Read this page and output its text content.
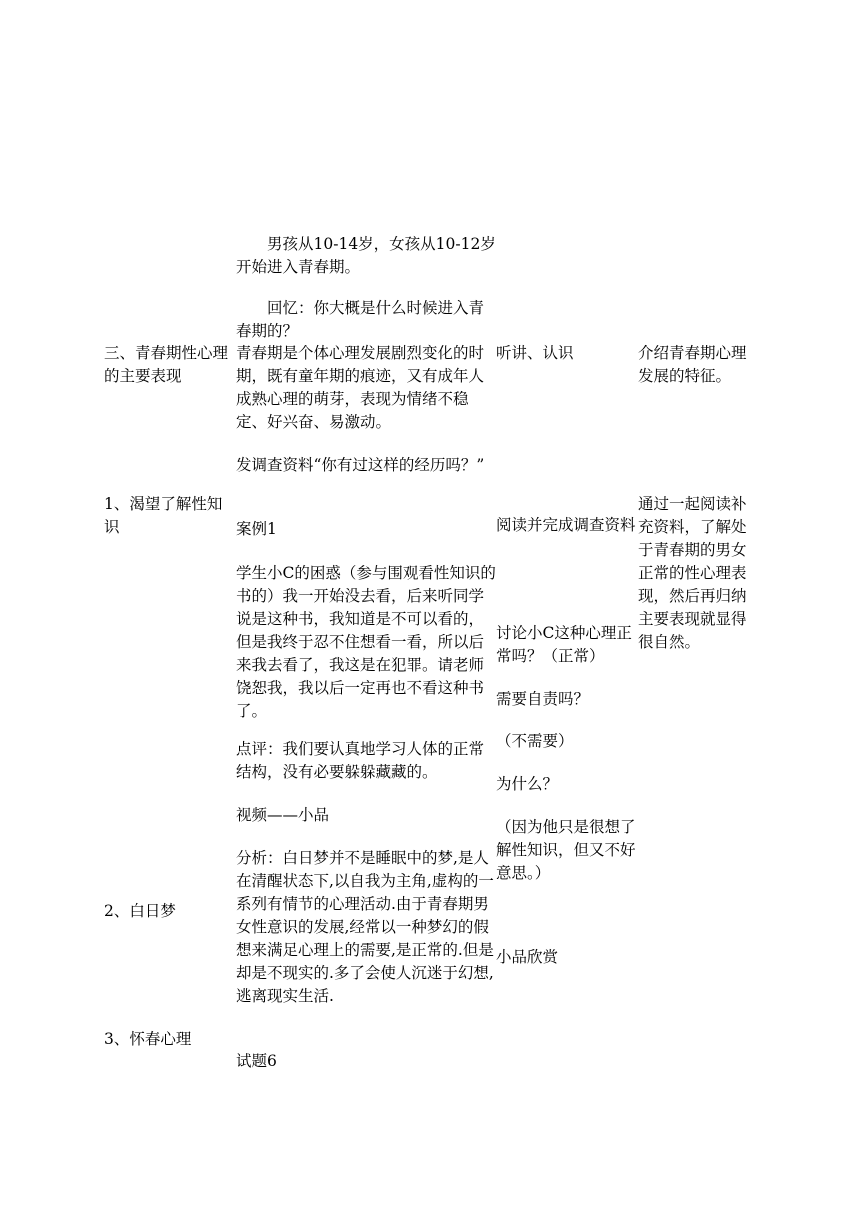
三、青春期性心理的主要表现

1、渴望了解性知识

2、白日梦

3、怀春心理

男孩从10-14岁，女孩从10-12岁开始进入青春期。

回忆：你大概是什么时候进入青春期的？

青春期是个体心理发展剧烈变化的时期，既有童年期的痕迹，又有成年人成熟心理的萌芽，表现为情绪不稳定、好兴奋、易激动。

发调查资料“你有过这样的经历吗？”

案例1

学生小C的困惑（参与围观看性知识的书的）我一开始没去看，后来听同学说是这种书，我知道是不可以看的，但是我终于忍不住想看一看，所以后来我去看了，我这是在犯罪。请老师饶恕我，我以后一定再也不看这种书了。

点评：我们要认真地学习人体的正常结构，没有必要躲躲藏藏的。

视频——小品

分析：白日梦并不是睡眠中的梦,是人在清醒状态下,以自我为主角,虚构的一系列有情节的心理活动.由于青春期男女性意识的发展,经常以一种梦幻的假想来满足心理上的需要,是正常的.但是却是不现实的.多了会使人沉迷于幻想,逃离现实生活.

试题6

听讲、认识

阅读并完成调查资料

讨论小C这种心理正常吗？（正常）

需要自责吗？

（不需要）

为什么？

（因为他只是很想了解性知识，但又不好意思。）

小品欣赏

介绍青春期心理发展的特征。

通过一起阅读补充资料，了解处于青春期的男女正常的性心理表现，然后再归纳主要表现就显得很自然。
